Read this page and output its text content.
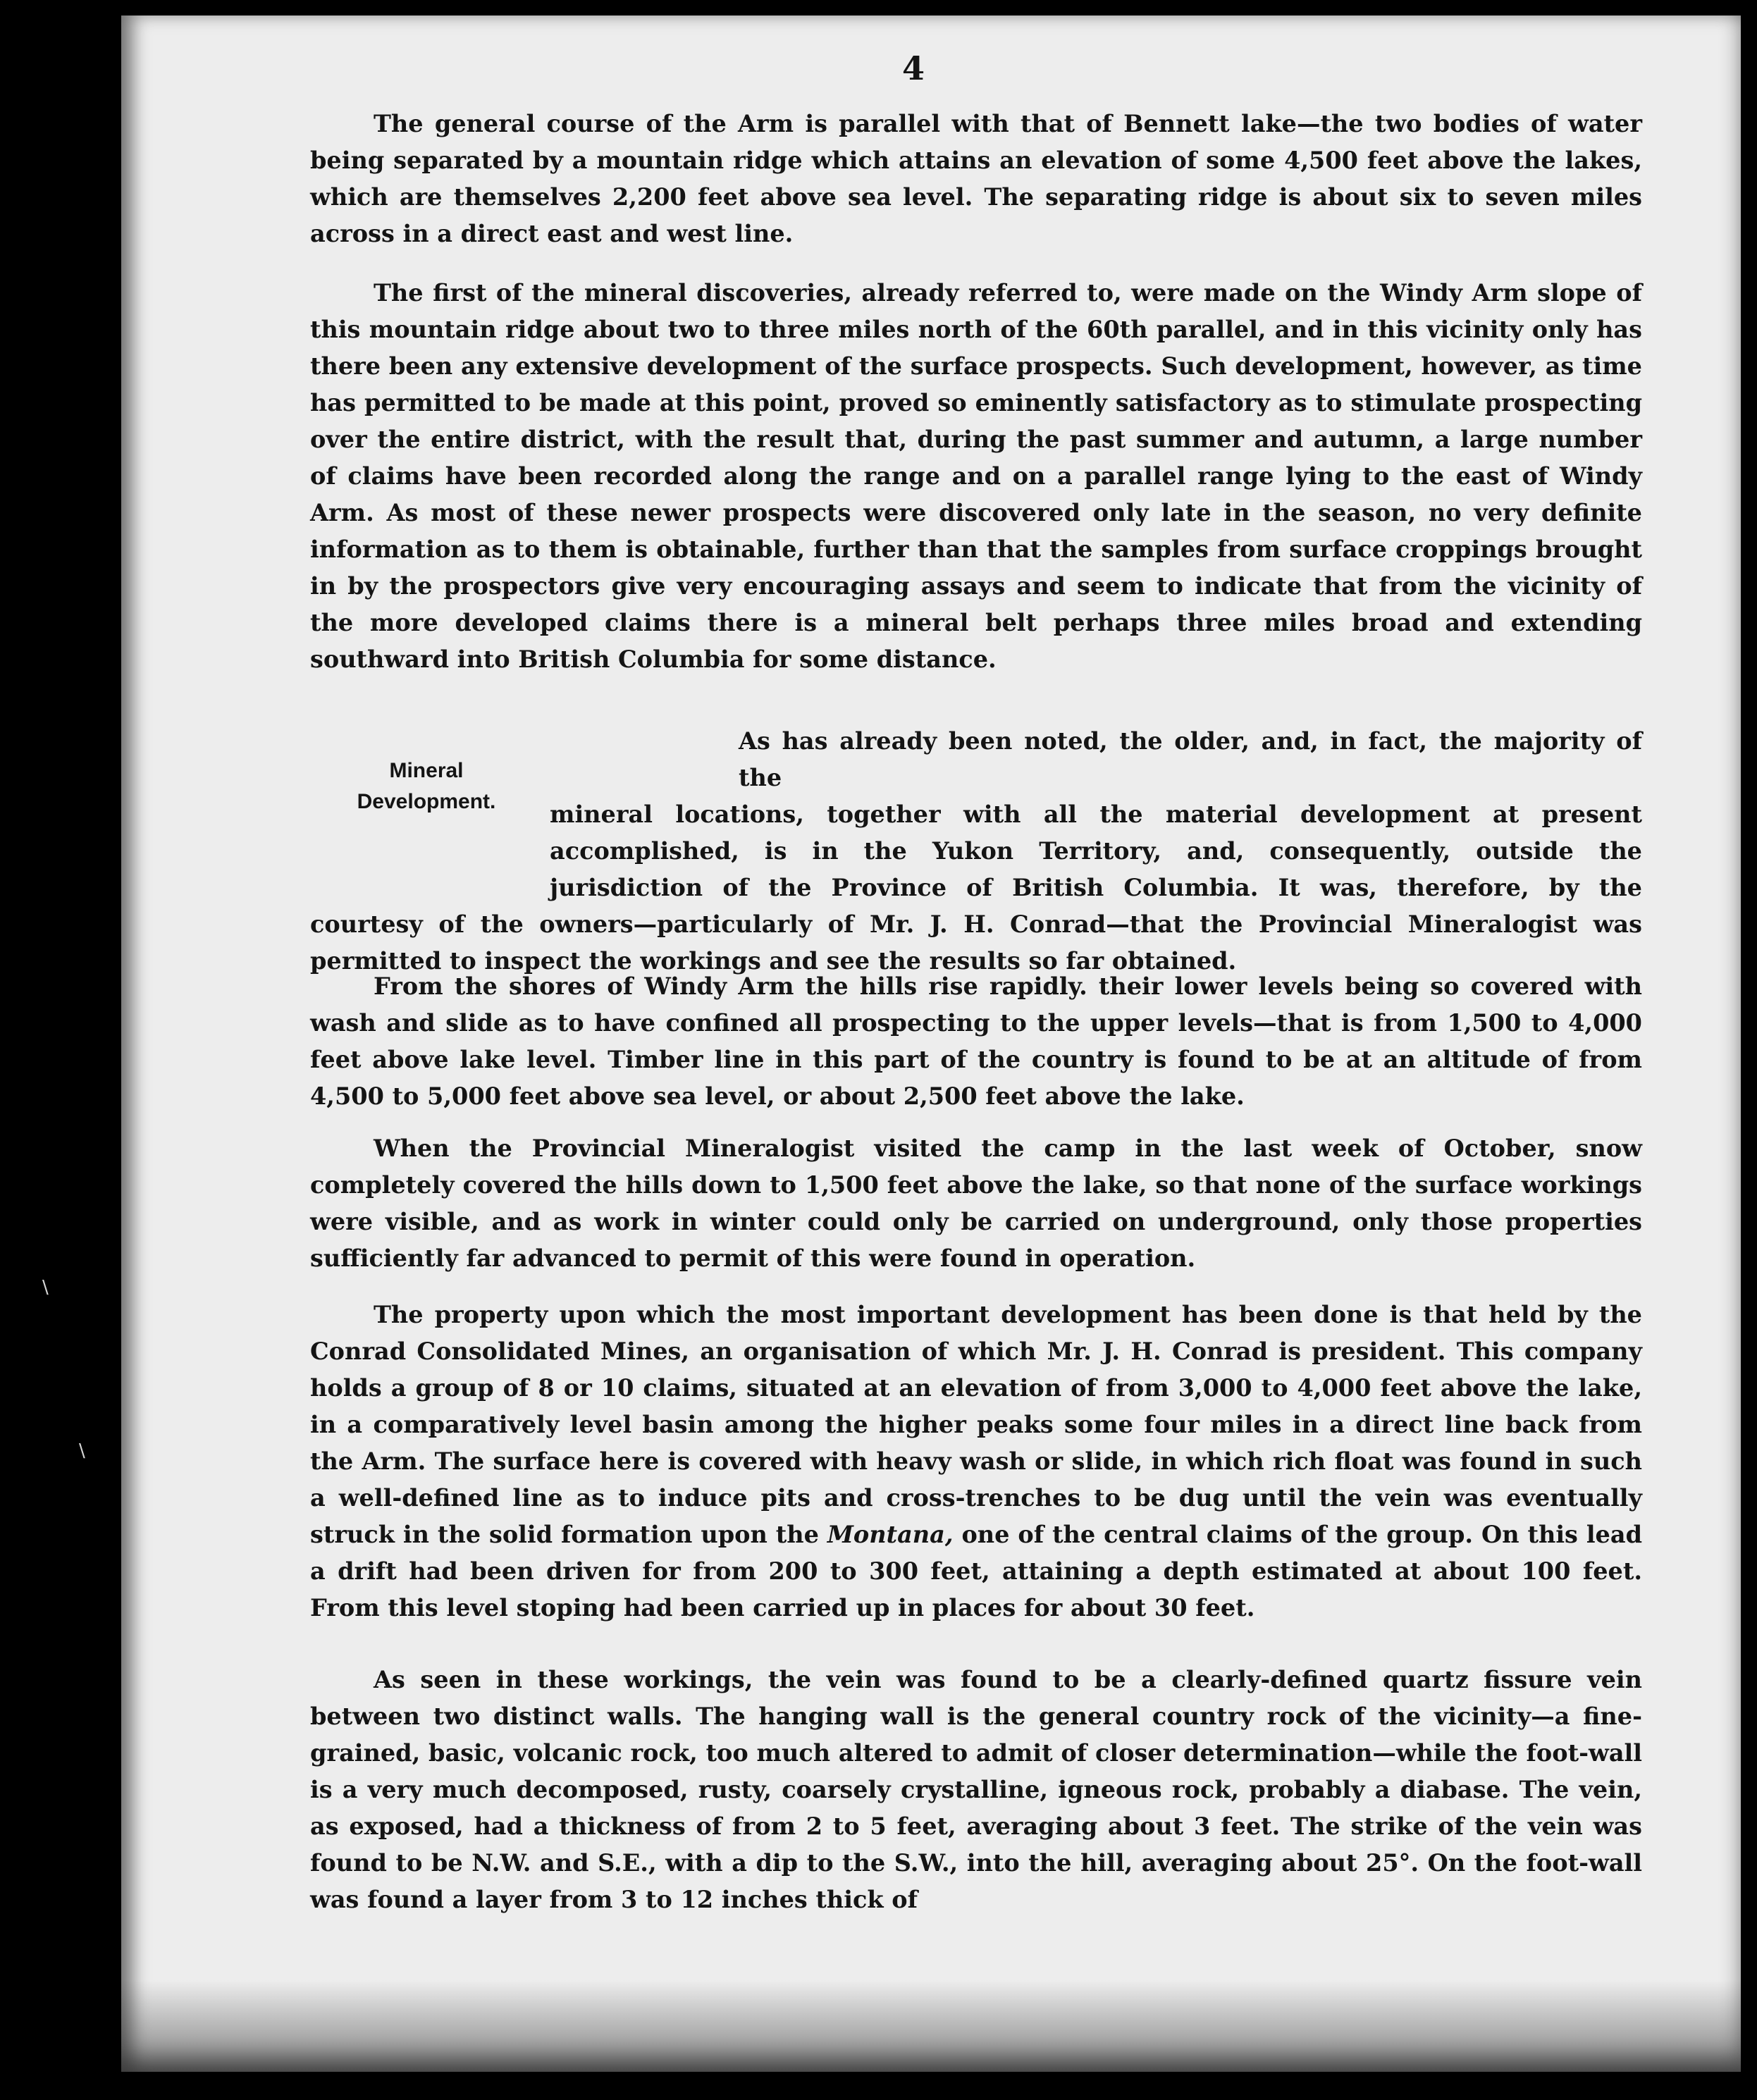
\
\
4

The general course of the Arm is parallel with that of Bennett lake—the two bodies of water being separated by a mountain ridge which attains an elevation of some 4,500 feet above the lakes, which are themselves 2,200 feet above sea level. The separating ridge is about six to seven miles across in a direct east and west line.

The first of the mineral discoveries, already referred to, were made on the Windy Arm slope of this mountain ridge about two to three miles north of the 60th parallel, and in this vicinity only has there been any extensive development of the surface prospects. Such development, however, as time has permitted to be made at this point, proved so eminently satisfactory as to stimulate prospecting over the entire district, with the result that, during the past summer and autumn, a large number of claims have been recorded along the range and on a parallel range lying to the east of Windy Arm. As most of these newer prospects were discovered only late in the season, no very definite information as to them is obtainable, further than that the samples from surface croppings brought in by the prospectors give very encouraging assays and seem to indicate that from the vicinity of the more developed claims there is a mineral belt perhaps three miles broad and extending southward into British Columbia for some distance.

Mineral
Development.

As has already been noted, the older, and, in fact, the majority of the

mineral locations, together with all the material development at present
accomplished, is in the Yukon Territory, and, consequently, outside the
jurisdiction of the Province of British Columbia. It was, therefore, by the

courtesy of the owners—particularly of Mr. J. H. Conrad—that the Provincial Mineralogist was permitted to inspect the workings and see the results so far obtained.

From the shores of Windy Arm the hills rise rapidly. their lower levels being so covered with wash and slide as to have confined all prospecting to the upper levels—that is from 1,500 to 4,000 feet above lake level. Timber line in this part of the country is found to be at an altitude of from 4,500 to 5,000 feet above sea level, or about 2,500 feet above the lake.

When the Provincial Mineralogist visited the camp in the last week of October, snow completely covered the hills down to 1,500 feet above the lake, so that none of the surface workings were visible, and as work in winter could only be carried on underground, only those properties sufficiently far advanced to permit of this were found in operation.

The property upon which the most important development has been done is that held by the Conrad Consolidated Mines, an organisation of which Mr. J. H. Conrad is president. This company holds a group of 8 or 10 claims, situated at an elevation of from 3,000 to 4,000 feet above the lake, in a comparatively level basin among the higher peaks some four miles in a direct line back from the Arm. The surface here is covered with heavy wash or slide, in which rich float was found in such a well-defined line as to induce pits and cross-trenches to be dug until the vein was eventually struck in the solid formation upon the Montana, one of the central claims of the group. On this lead a drift had been driven for from 200 to 300 feet, attaining a depth estimated at about 100 feet. From this level stoping had been carried up in places for about 30 feet.

As seen in these workings, the vein was found to be a clearly-defined quartz fissure vein between two distinct walls. The hanging wall is the general country rock of the vicinity—a fine-grained, basic, volcanic rock, too much altered to admit of closer determination—while the foot-wall is a very much decomposed, rusty, coarsely crystalline, igneous rock, probably a diabase. The vein, as exposed, had a thickness of from 2 to 5 feet, averaging about 3 feet. The strike of the vein was found to be N.W. and S.E., with a dip to the S.W., into the hill, averaging about 25°. On the foot-wall was found a layer from 3 to 12 inches thick of
